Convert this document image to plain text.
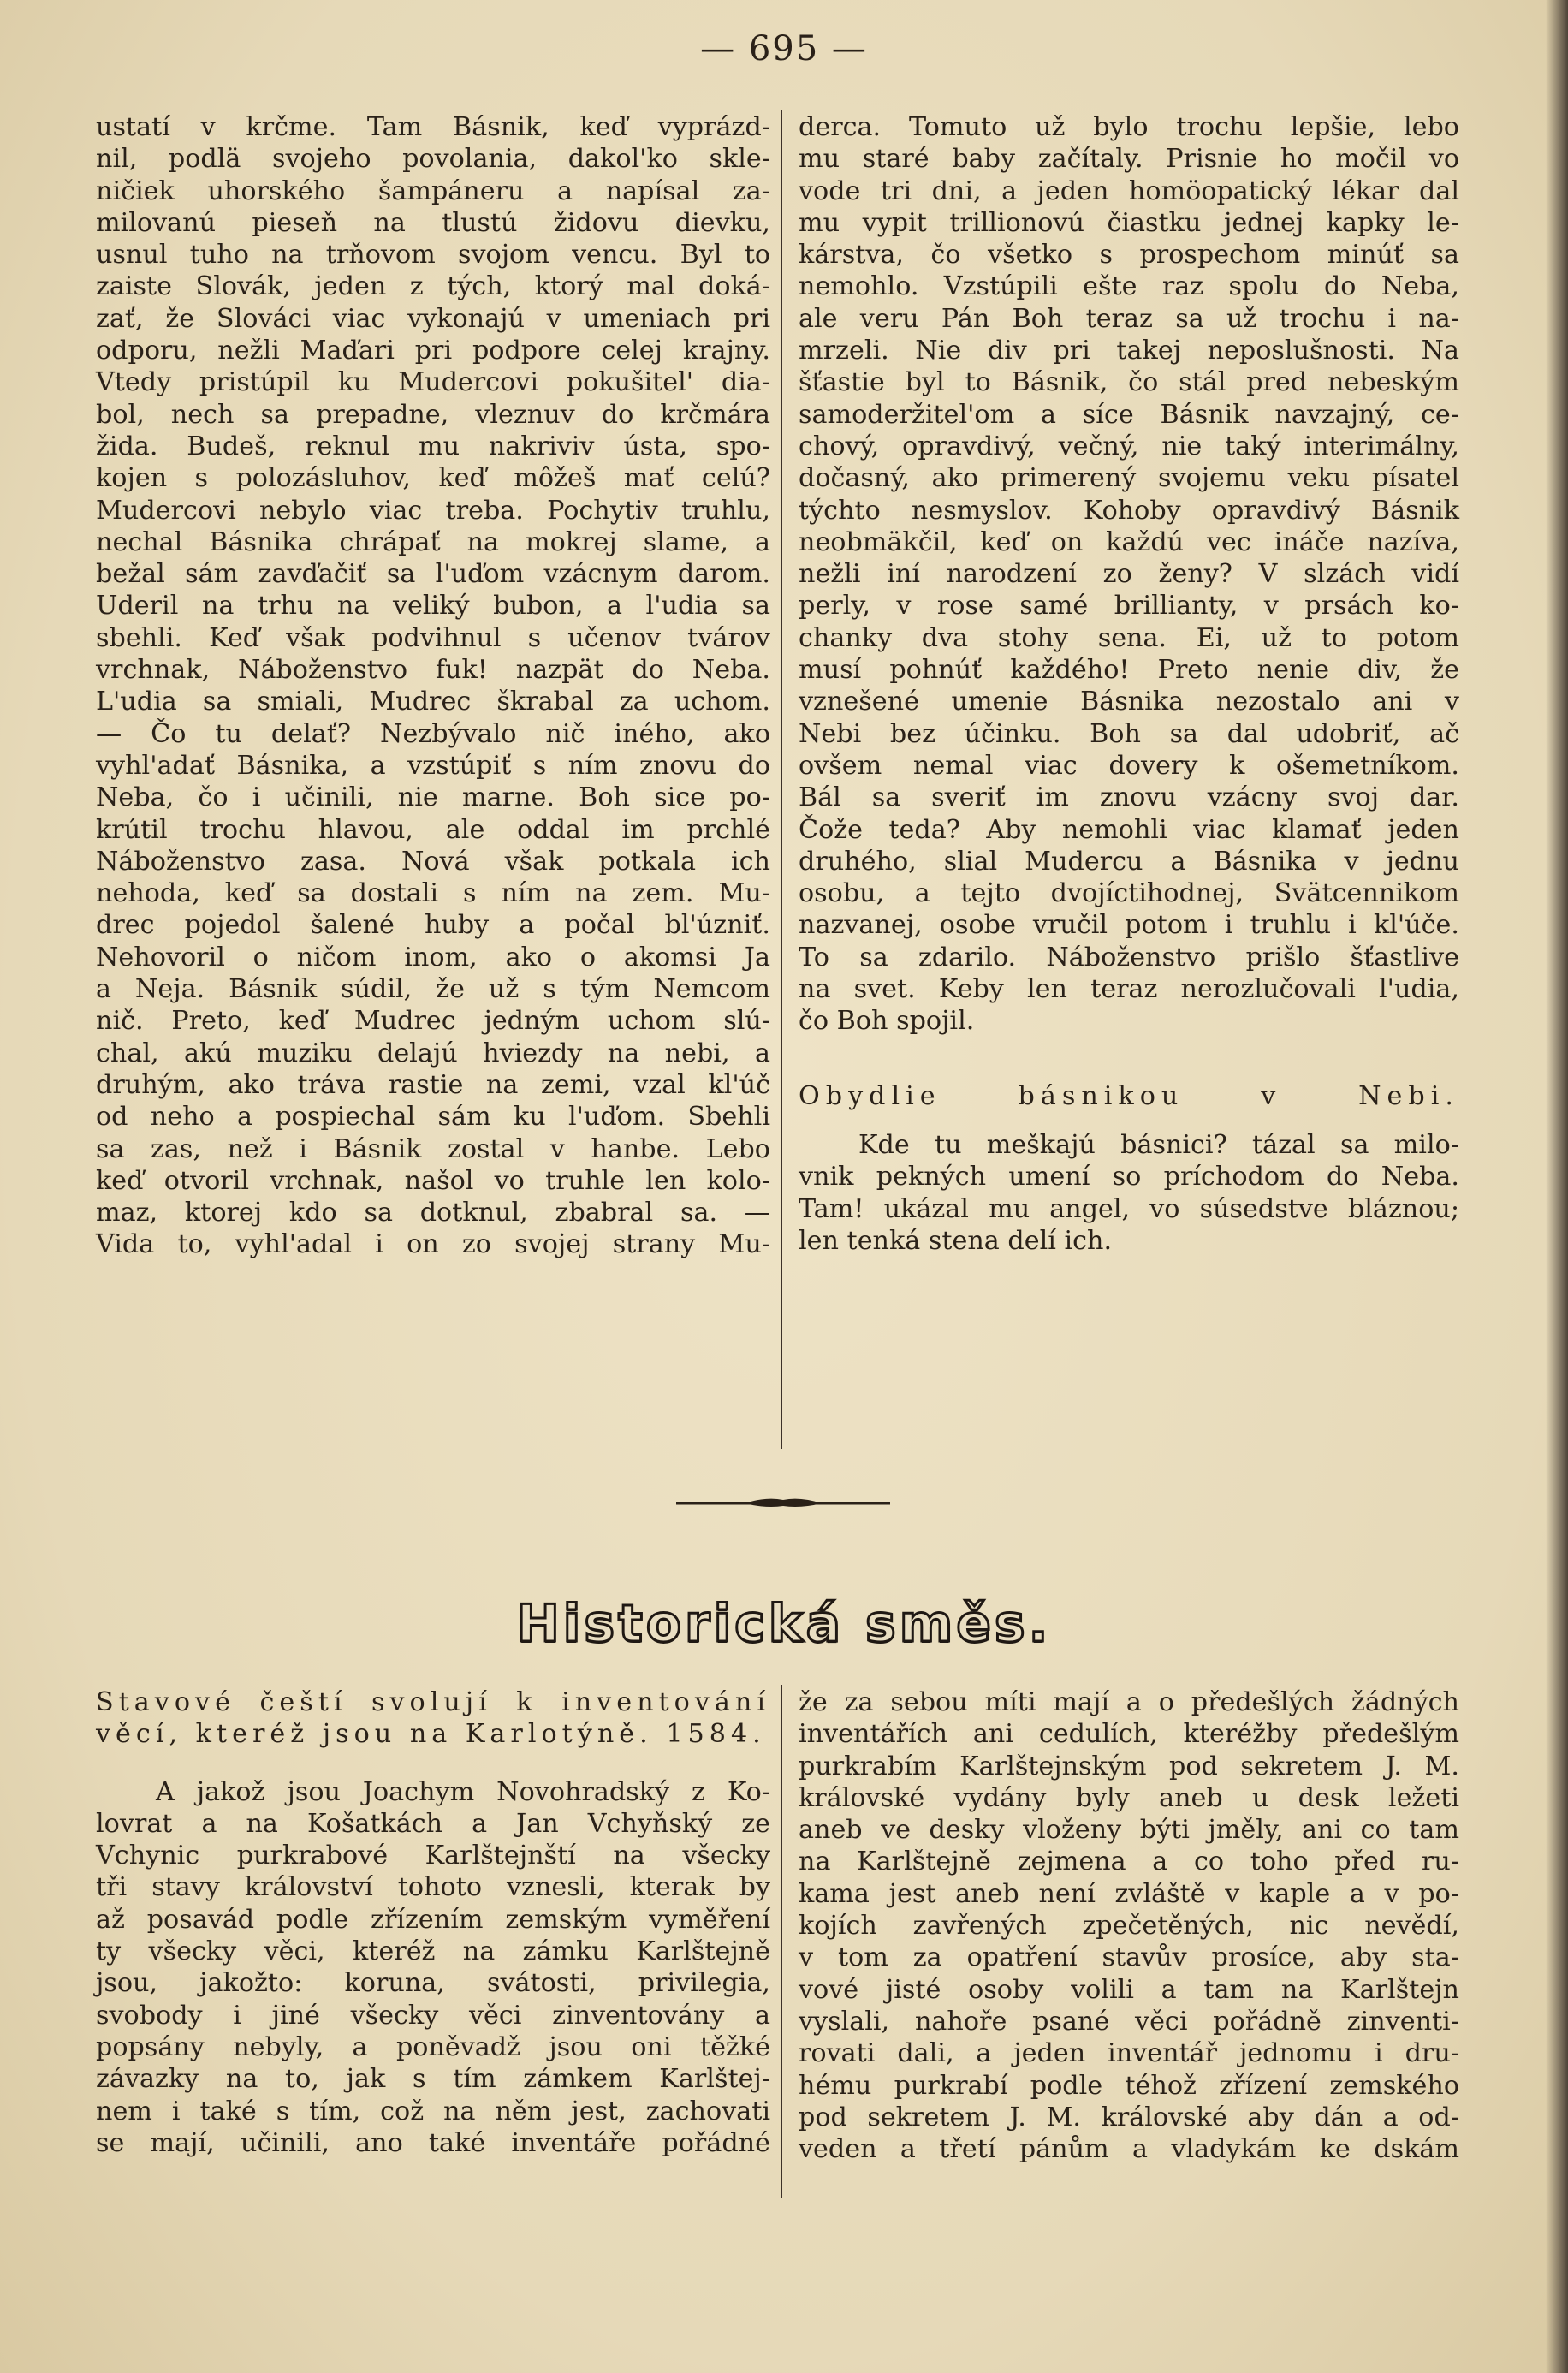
— 695 —

ustatí v krčme. Tam Básnik, keď vyprázd-

nil, podlä svojeho povolania, dakol'ko skle-

ničiek uhorského šampáneru a napísal za-

milovanú pieseň na tlustú židovu dievku,

usnul tuho na trňovom svojom vencu. Byl to

zaiste Slovák, jeden z tých, ktorý mal doká-

zať, že Slováci viac vykonajú v umeniach pri

odporu, nežli Maďari pri podpore celej krajny.

Vtedy pristúpil ku Mudercovi pokušitel' dia-

bol, nech sa prepadne, vleznuv do krčmára

žida. Budeš, reknul mu nakriviv ústa, spo-

kojen s polozásluhov, keď môžeš mať celú?

Mudercovi nebylo viac treba. Pochytiv truhlu,

nechal Básnika chrápať na mokrej slame, a

bežal sám zavďačiť sa l'uďom vzácnym darom.

Uderil na trhu na veliký bubon, a l'udia sa

sbehli. Keď však podvihnul s učenov tvárov

vrchnak, Náboženstvo fuk! nazpät do Neba.

L'udia sa smiali, Mudrec škrabal za uchom.

— Čo tu delať? Nezbývalo nič iného, ako

vyhl'adať Básnika, a vzstúpiť s ním znovu do

Neba, čo i učinili, nie marne. Boh sice po-

krútil trochu hlavou, ale oddal im prchlé

Náboženstvo zasa. Nová však potkala ich

nehoda, keď sa dostali s ním na zem. Mu-

drec pojedol šalené huby a počal bl'úzniť.

Nehovoril o ničom inom, ako o akomsi Ja

a Neja. Básnik súdil, že už s tým Nemcom

nič. Preto, keď Mudrec jedným uchom slú-

chal, akú muziku delajú hviezdy na nebi, a

druhým, ako tráva rastie na zemi, vzal kl'úč

od neho a pospiechal sám ku l'uďom. Sbehli

sa zas, než i Básnik zostal v hanbe. Lebo

keď otvoril vrchnak, našol vo truhle len kolo-

maz, ktorej kdo sa dotknul, zbabral sa. —

Vida to, vyhl'adal i on zo svojej strany Mu-

derca. Tomuto už bylo trochu lepšie, lebo

mu staré baby začítaly. Prisnie ho močil vo

vode tri dni, a jeden homöopatický lékar dal

mu vypit trillionovú čiastku jednej kapky le-

kárstva, čo všetko s prospechom minúť sa

nemohlo. Vzstúpili ešte raz spolu do Neba,

ale veru Pán Boh teraz sa už trochu i na-

mrzeli. Nie div pri takej neposlušnosti. Na

šťastie byl to Básnik, čo stál pred nebeským

samoderžitel'om a síce Básnik navzajný, ce-

chový, opravdivý, večný, nie taký interimálny,

dočasný, ako primerený svojemu veku písatel

týchto nesmyslov. Kohoby opravdivý Básnik

neobmäkčil, keď on každú vec ináče nazíva,

nežli iní narodzení zo ženy? V slzách vidí

perly, v rose samé brillianty, v prsách ko-

chanky dva stohy sena. Ei, už to potom

musí pohnúť každého! Preto nenie div, že

vznešené umenie Básnika nezostalo ani v

Nebi bez účinku. Boh sa dal udobriť, ač

ovšem nemal viac dovery k ošemetníkom.

Bál sa sveriť im znovu vzácny svoj dar.

Čože teda? Aby nemohli viac klamať jeden

druhého, slial Mudercu a Básnika v jednu

osobu, a tejto dvojíctihodnej, Svätcennikom

nazvanej, osobe vručil potom i truhlu i kl'úče.

To sa zdarilo. Náboženstvo prišlo šťastlive

na svet. Keby len teraz nerozlučovali l'udia,

čo Boh spojil.

Obydlie básnikou v Nebi.

Kde tu meškajú básnici? tázal sa milo-

vnik pekných umení so príchodom do Neba.

Tam! ukázal mu angel, vo súsedstve bláznou;

len tenká stena delí ich.

Historická směs.

Stavové čeští svolují k inventování

věcí, kteréž jsou na Karlotýně. 1584.

A jakož jsou Joachym Novohradský z Ko-

lovrat a na Košatkách a Jan Vchyňský ze

Vchynic purkrabové Karlštejnští na všecky

tři stavy království tohoto vznesli, kterak by

až posavád podle zřízením zemským vyměření

ty všecky věci, kteréž na zámku Karlštejně

jsou, jakožto: koruna, svátosti, privilegia,

svobody i jiné všecky věci zinventovány a

popsány nebyly, a poněvadž jsou oni těžké

závazky na to, jak s tím zámkem Karlštej-

nem i také s tím, což na něm jest, zachovati

se mají, učinili, ano také inventáře pořádné

že za sebou míti mají a o předešlých žádných

inventářích ani cedulích, kteréžby předešlým

purkrabím Karlštejnským pod sekretem J. M.

královské vydány byly aneb u desk ležeti

aneb ve desky vloženy býti jměly, ani co tam

na Karlštejně zejmena a co toho před ru-

kama jest aneb není zvláště v kaple a v po-

kojích zavřených zpečetěných, nic nevědí,

v tom za opatření stavův prosíce, aby sta-

vové jisté osoby volili a tam na Karlštejn

vyslali, nahoře psané věci pořádně zinventi-

rovati dali, a jeden inventář jednomu i dru-

hému purkrabí podle téhož zřízení zemského

pod sekretem J. M. královské aby dán a od-

veden a třetí pánům a vladykám ke dskám
